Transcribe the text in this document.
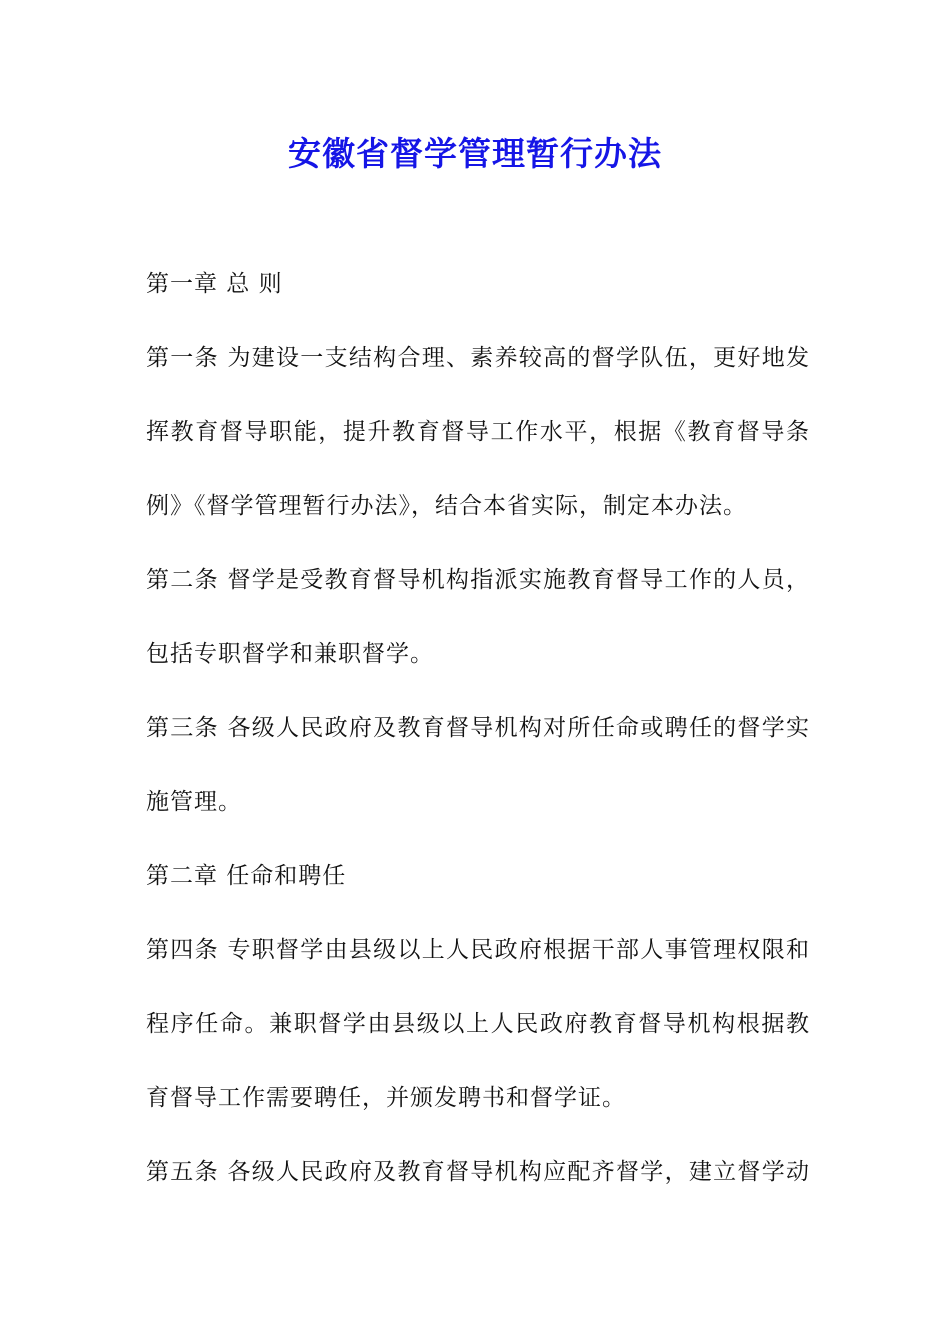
安徽省督学管理暂行办法

第一章 总 则

第一条 为建设一支结构合理、素养较高的督学队伍，更好地发

挥教育督导职能，提升教育督导工作水平，根据《教育督导条

例》《督学管理暂行办法》，结合本省实际，制定本办法。

第二条 督学是受教育督导机构指派实施教育督导工作的人员，

包括专职督学和兼职督学。

第三条 各级人民政府及教育督导机构对所任命或聘任的督学实

施管理。

第二章 任命和聘任

第四条 专职督学由县级以上人民政府根据干部人事管理权限和

程序任命。兼职督学由县级以上人民政府教育督导机构根据教

育督导工作需要聘任，并颁发聘书和督学证。

第五条 各级人民政府及教育督导机构应配齐督学，建立督学动
